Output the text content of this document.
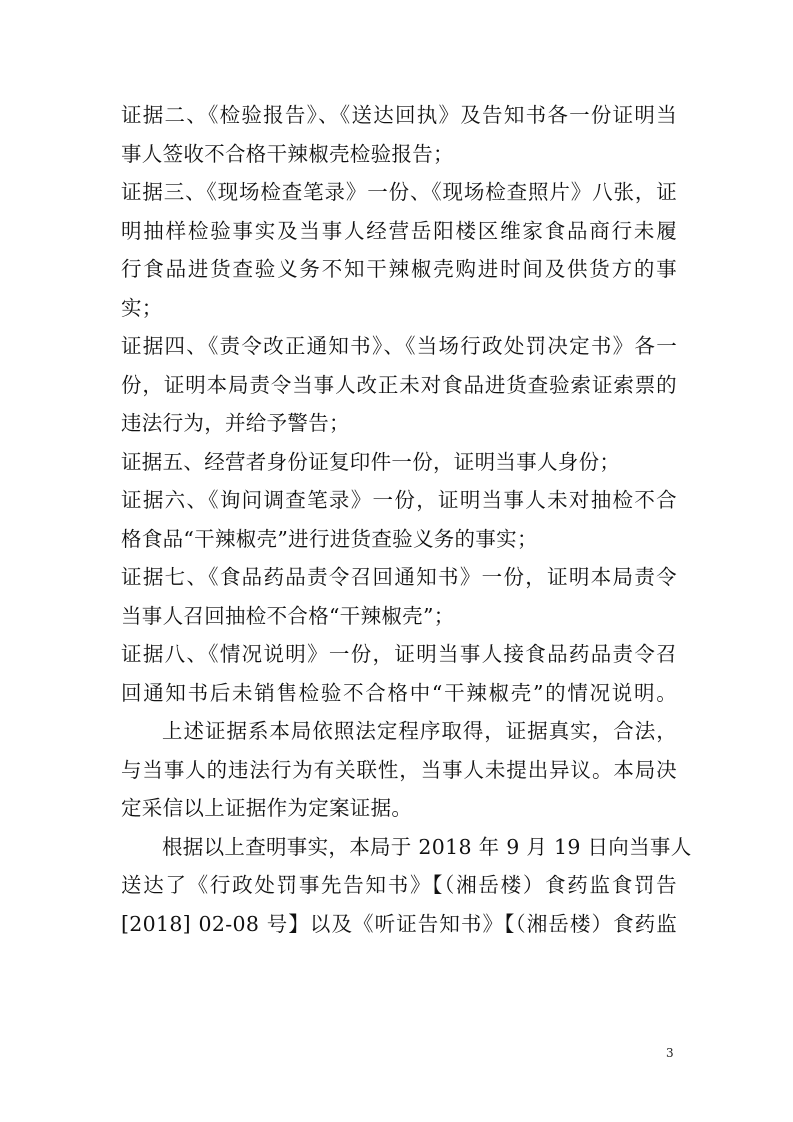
证据二、《检验报告》、《送达回执》及告知书各一份证明当
事人签收不合格干辣椒壳检验报告；
证据三、《现场检查笔录》一份、《现场检查照片》八张，证
明抽样检验事实及当事人经营岳阳楼区维家食品商行未履
行食品进货查验义务不知干辣椒壳购进时间及供货方的事
实；
证据四、《责令改正通知书》、《当场行政处罚决定书》各一
份，证明本局责令当事人改正未对食品进货查验索证索票的
违法行为，并给予警告；
证据五、经营者身份证复印件一份，证明当事人身份；
证据六、《询问调查笔录》一份，证明当事人未对抽检不合
格食品“干辣椒壳”进行进货查验义务的事实；
证据七、《食品药品责令召回通知书》一份，证明本局责令
当事人召回抽检不合格“干辣椒壳”；
证据八、《情况说明》一份，证明当事人接食品药品责令召
回通知书后未销售检验不合格中“干辣椒壳”的情况说明。
上述证据系本局依照法定程序取得，证据真实，合法，
与当事人的违法行为有关联性，当事人未提出异议。本局决
定采信以上证据作为定案证据。
根据以上查明事实，本局于 2018 年 9 月 19 日向当事人
送达了《行政处罚事先告知书》【（湘岳楼）食药监食罚告
[2018] 02-08 号】以及《听证告知书》【（湘岳楼）食药监
3
